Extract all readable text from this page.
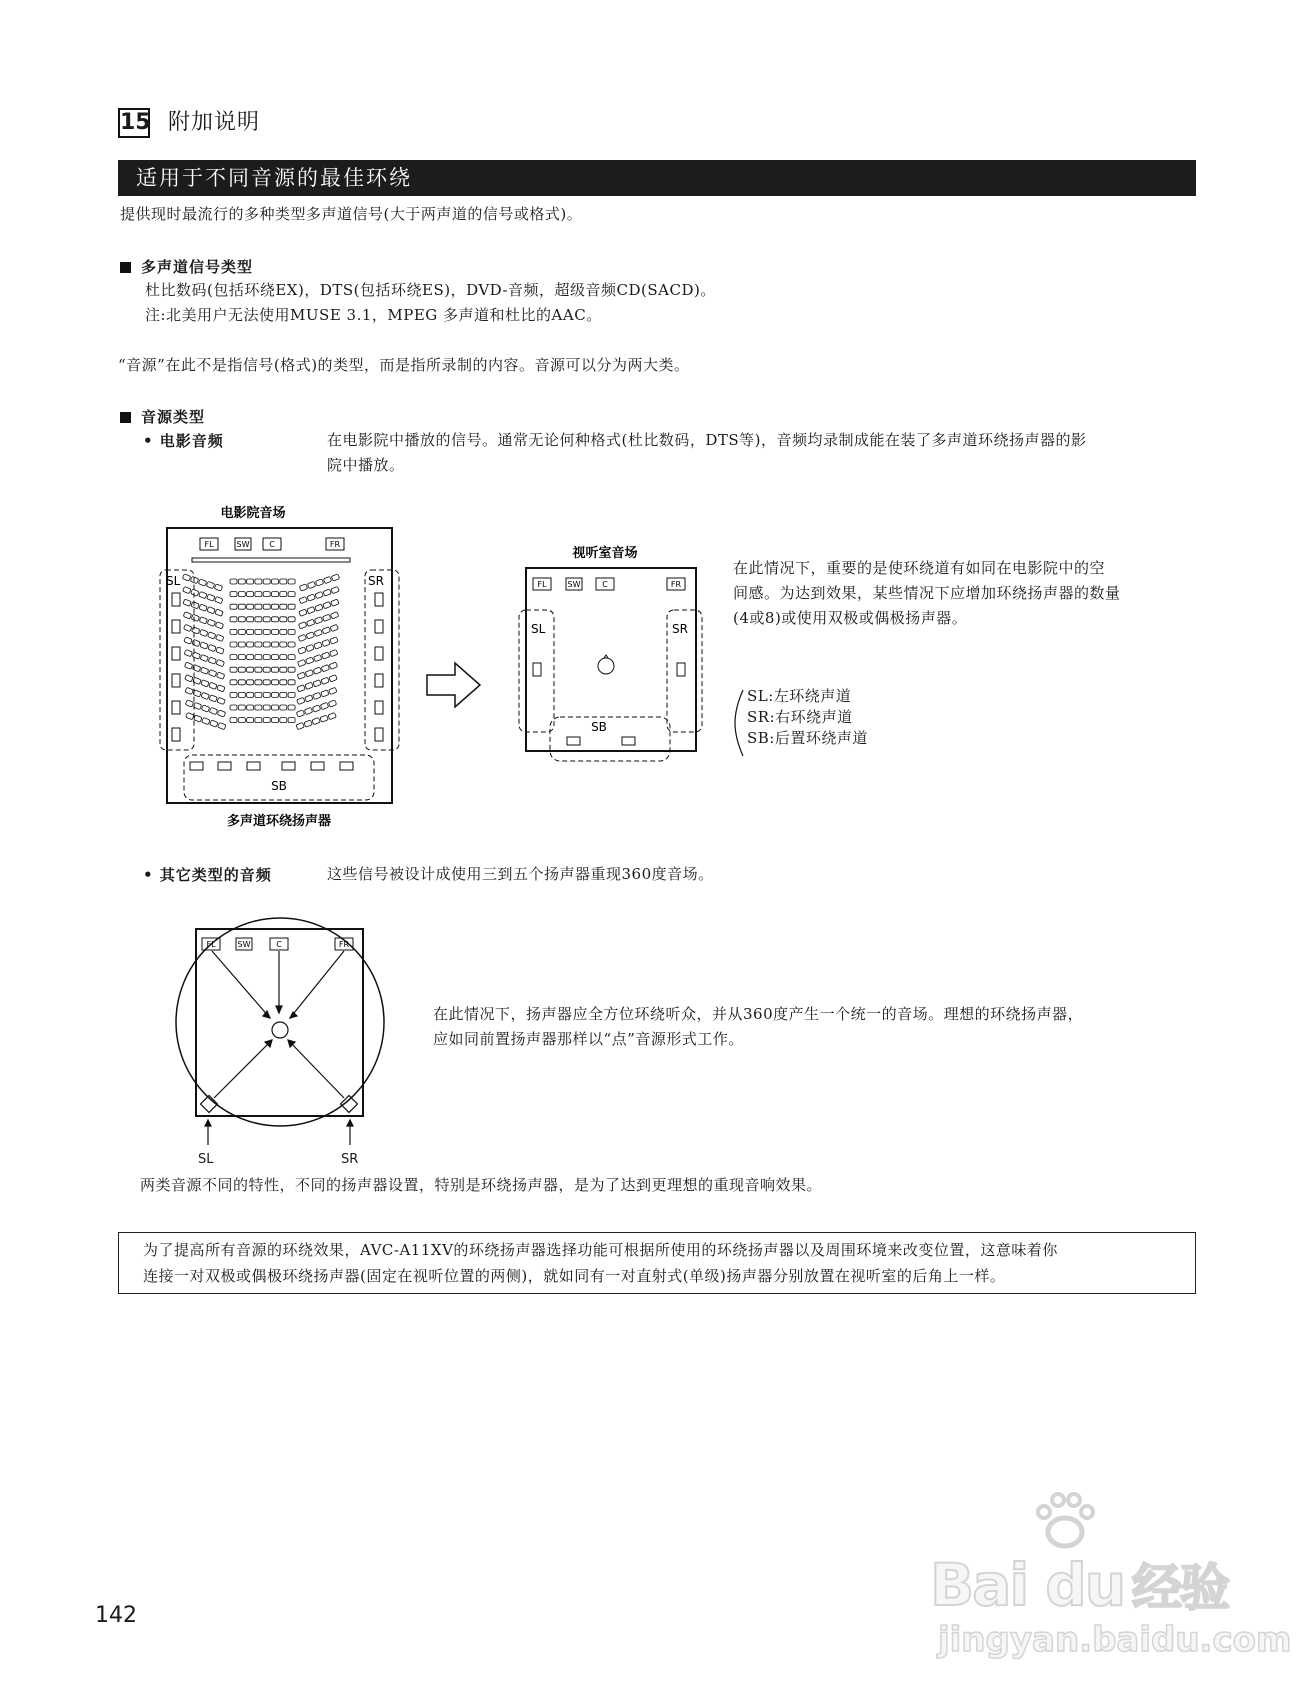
15 附加说明
适用于不同音源的最佳环绕
提供现时最流行的多种类型多声道信号(大于两声道的信号或格式)。
多声道信号类型
杜比数码(包括环绕EX)，DTS(包括环绕ES)，DVD-音频，超级音频CD(SACD)。
注:北美用户无法使用MUSE 3.1，MPEG 多声道和杜比的AAC。
“音源”在此不是指信号(格式)的类型，而是指所录制的内容。音源可以分为两大类。
音源类型
• 电影音频	在电影院中播放的信号。通常无论何种格式(杜比数码，DTS等)，音频均录制成能在装了多声道环绕扬声器的影
院中播放。
电影院音场
FL	SW C	FR
SL	SR
SB
多声道环绕扬声器
视听室音场
FL	SW	C	FR
SL	SR
SB
在此情况下，重要的是使环绕道有如同在电影院中的空
间感。为达到效果，某些情况下应增加环绕扬声器的数量
(4或8)或使用双极或偶极扬声器。
SL:左环绕声道
SR:右环绕声道
SB:后置环绕声道
• 其它类型的音频	这些信号被设计成使用三到五个扬声器重现360度音场。
FL	SW	C	FR
SL	SR
在此情况下，扬声器应全方位环绕听众，并从360度产生一个统一的音场。理想的环绕扬声器，
应如同前置扬声器那样以“点”音源形式工作。
两类音源不同的特性，不同的扬声器设置，特别是环绕扬声器，是为了达到更理想的重现音响效果。
为了提高所有音源的环绕效果，AVC-A11XV的环绕扬声器选择功能可根据所使用的环绕扬声器以及周围环境来改变位置，这意味着你
连接一对双极或偶极环绕扬声器(固定在视听位置的两侧)，就如同有一对直射式(单级)扬声器分别放置在视听室的后角上一样。
142	Bai du 经验
jingyan.baidu.com
